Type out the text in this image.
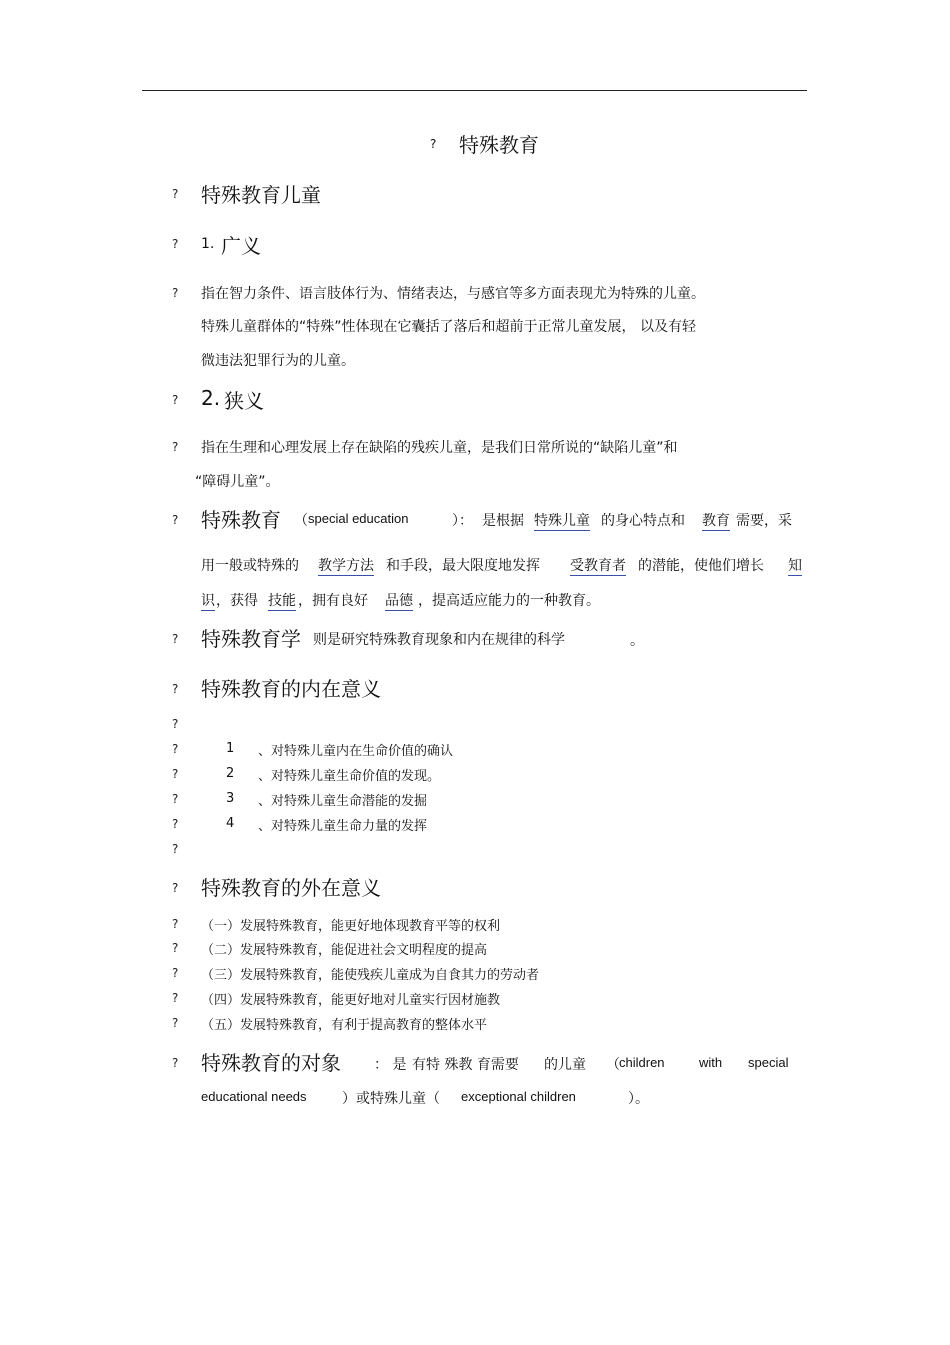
? 特殊教育
? 特殊教育儿童
? 1. 广义
? 指在智力条件、语言肢体行为、情绪表达，与感官等多方面表现尤为特殊的儿童。
特殊儿童群体的“特殊”性体现在它囊括了落后和超前于正常儿童发展， 以及有轻
微违法犯罪行为的儿童。
? 2. 狭义
? 指在生理和心理发展上存在缺陷的残疾儿童，是我们日常所说的“缺陷儿童”和
“障碍儿童”。
? 特殊教育 （ special education	）： 是根据 特殊儿童 的身心特点和 教育 需要，采
用一般或特殊的 教学方法 和手段，最大限度地发挥 受教育者 的潜能，使他们增长 知
识 ，获得 技能 ，拥有良好 品德 ，提高适应能力的一种教育。
? 特殊教育学 则是研究特殊教育现象和内在规律的科学	。
? 特殊教育的内在意义
?
?	1 、对特殊儿童内在生命价值的确认
?	2 、对特殊儿童生命价值的发现。
?	3 、对特殊儿童生命潜能的发掘
?	4 、对特殊儿童生命力量的发挥
?
? 特殊教育的外在意义
? （一）发展特殊教育，能更好地体现教育平等的权利
? （二）发展特殊教育，能促进社会文明程度的提高
? （三）发展特殊教育，能使残疾儿童成为自食其力的劳动者
? （四）发展特殊教育，能更好地对儿童实行因材施教
? （五）发展特殊教育，有利于提高教育的整体水平
? 特殊教育的对象 ： 是 有特 殊教 育需要 的儿童 （ children	with special
educational needs	）或特殊儿童（ exceptional children	）。
